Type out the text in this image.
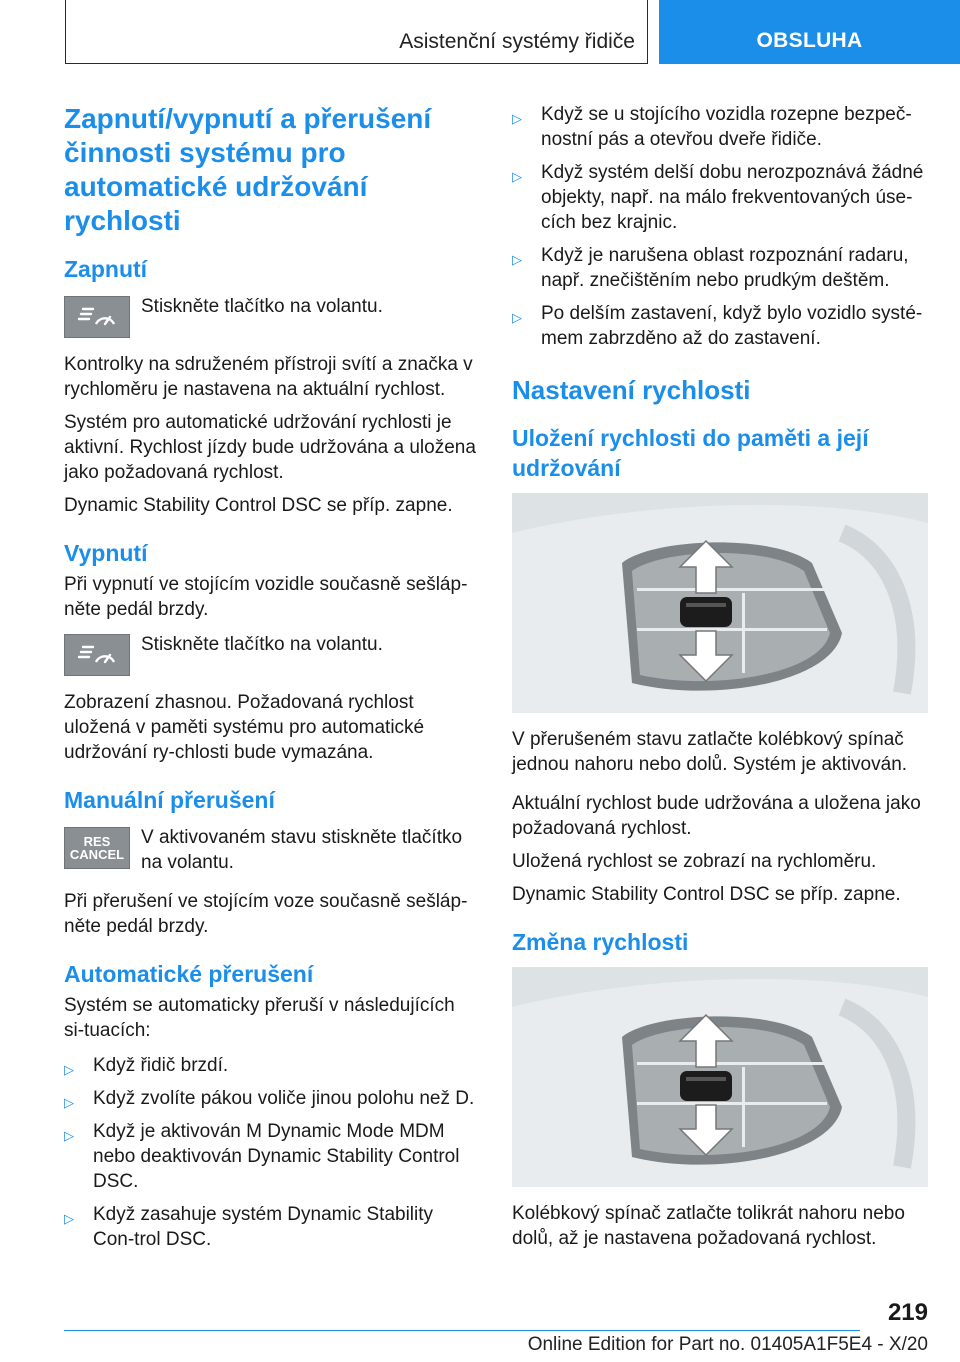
Asistenční systémy řidiče	OBSLUHA
Zapnutí/vypnutí a přerušení činnosti systému pro automatické udržování rychlosti
Zapnutí

Stiskněte tlačítko na volantu.

Kontrolky na sdruženém přístroji svítí a značka v rychloměru je nastavena na aktuální rychlost.

Systém pro automatické udržování rychlosti je aktivní. Rychlost jízdy bude udržována a uložena jako požadovaná rychlost.

Dynamic Stability Control DSC se příp. zapne.

Vypnutí

Při vypnutí ve stojícím vozidle současně sešláp‐něte pedál brzdy.

Stiskněte tlačítko na volantu.

Zobrazení zhasnou. Požadovaná rychlost uložená v paměti systému pro automatické udržování ry‐chlosti bude vymazána.

Manuální přerušení
RES
CANCEL

V aktivovaném stavu stiskněte tlačítko na volantu.

Při přerušení ve stojícím voze současně sešláp‐něte pedál brzdy.

Automatické přerušení

Systém se automaticky přeruší v následujících si‐tuacích:

▷ Když řidič brzdí.
▷ Když zvolíte pákou voliče jinou polohu než D.
▷ Když je aktivován M Dynamic Mode MDM nebo deaktivován Dynamic Stability Control DSC.
▷ Když zasahuje systém Dynamic Stability Con‐trol DSC.
▷ Když se u stojícího vozidla rozepne bezpeč‐nostní pás a otevřou dveře řidiče.
▷ Když systém delší dobu nerozpoznává žádné objekty, např. na málo frekventovaných úse‐cích bez krajnic.
▷ Když je narušena oblast rozpoznání radaru, např. znečištěním nebo prudkým deštěm.
▷ Po delším zastavení, když bylo vozidlo systé‐mem zabrzděno až do zastavení.
Nastavení rychlosti
Uložení rychlosti do paměti a její udržování

V přerušeném stavu zatlačte kolébkový spínač jednou nahoru nebo dolů. Systém je aktivován.

Aktuální rychlost bude udržována a uložena jako požadovaná rychlost.

Uložená rychlost se zobrazí na rychloměru.

Dynamic Stability Control DSC se příp. zapne.

Změna rychlosti

Kolébkový spínač zatlačte tolikrát nahoru nebo dolů, až je nastavena požadovaná rychlost.

219
Online Edition for Part no. 01405A1F5E4 - X/20
